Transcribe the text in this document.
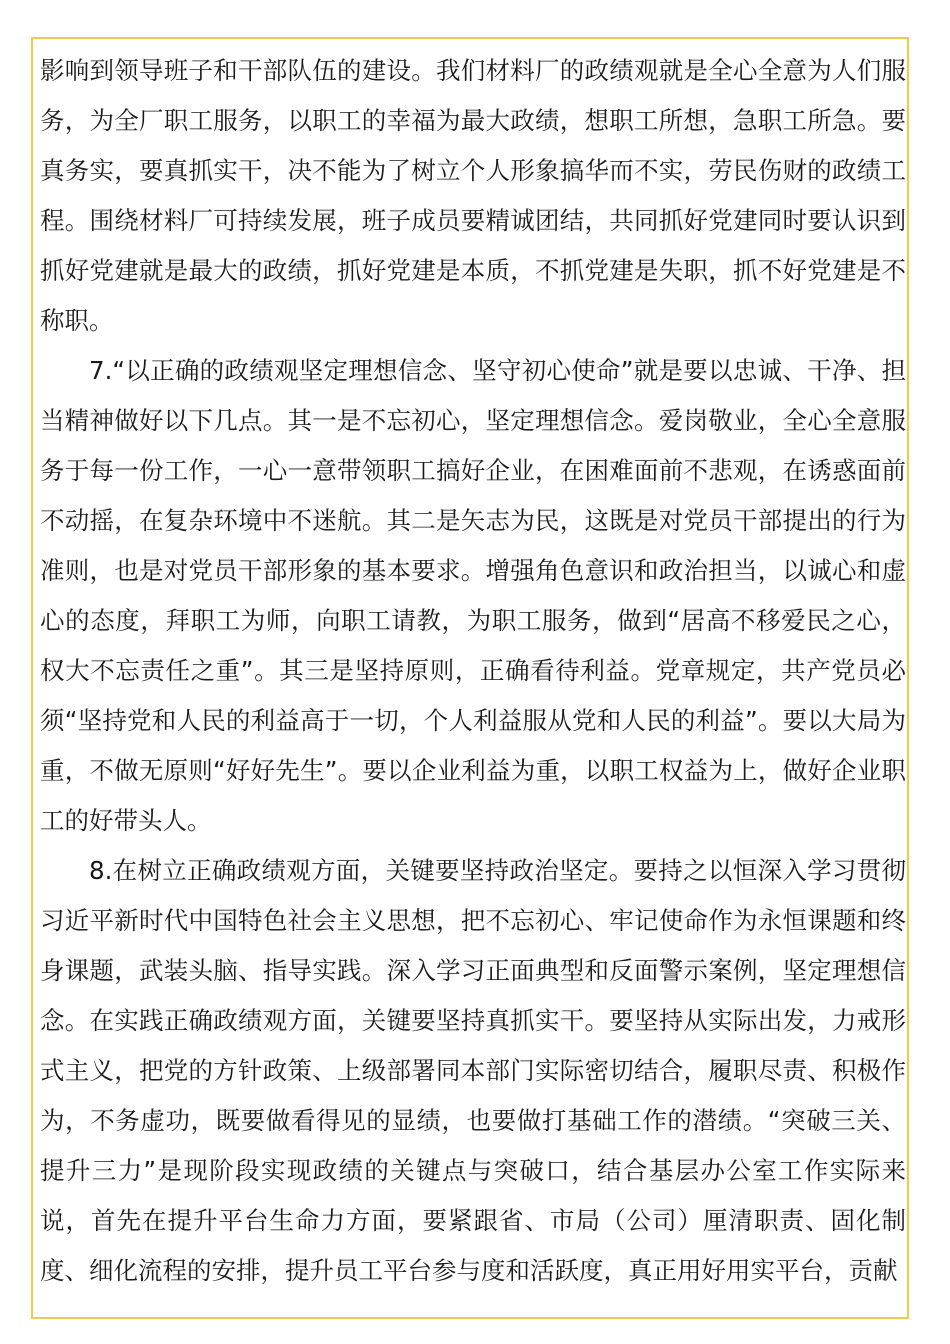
影响到领导班子和干部队伍的建设。我们材料厂的政绩观就是全心全意为人们服务，为全厂职工服务，以职工的幸福为最大政绩，想职工所想，急职工所急。要真务实，要真抓实干，决不能为了树立个人形象搞华而不实，劳民伤财的政绩工程。围绕材料厂可持续发展，班子成员要精诚团结，共同抓好党建同时要认识到抓好党建就是最大的政绩，抓好党建是本质，不抓党建是失职，抓不好党建是不称职。

7.“以正确的政绩观坚定理想信念、坚守初心使命”就是要以忠诚、干净、担当精神做好以下几点。其一是不忘初心，坚定理想信念。爱岗敬业，全心全意服务于每一份工作，一心一意带领职工搞好企业，在困难面前不悲观，在诱惑面前不动摇，在复杂环境中不迷航。其二是矢志为民，这既是对党员干部提出的行为准则，也是对党员干部形象的基本要求。增强角色意识和政治担当，以诚心和虚心的态度，拜职工为师，向职工请教，为职工服务，做到“居高不移爱民之心，权大不忘责任之重”。其三是坚持原则，正确看待利益。党章规定，共产党员必须“坚持党和人民的利益高于一切，个人利益服从党和人民的利益”。要以大局为重，不做无原则“好好先生”。要以企业利益为重，以职工权益为上，做好企业职工的好带头人。

8.在树立正确政绩观方面，关键要坚持政治坚定。要持之以恒深入学习贯彻习近平新时代中国特色社会主义思想，把不忘初心、牢记使命作为永恒课题和终身课题，武装头脑、指导实践。深入学习正面典型和反面警示案例，坚定理想信念。在实践正确政绩观方面，关键要坚持真抓实干。要坚持从实际出发，力戒形式主义，把党的方针政策、上级部署同本部门实际密切结合，履职尽责、积极作为，不务虚功，既要做看得见的显绩，也要做打基础工作的潜绩。“突破三关、提升三力”是现阶段实现政绩的关键点与突破口，结合基层办公室工作实际来说，首先在提升平台生命力方面，要紧跟省、市局（公司）厘清职责、固化制度、细化流程的安排，提升员工平台参与度和活跃度，真正用好用实平台，贡献
